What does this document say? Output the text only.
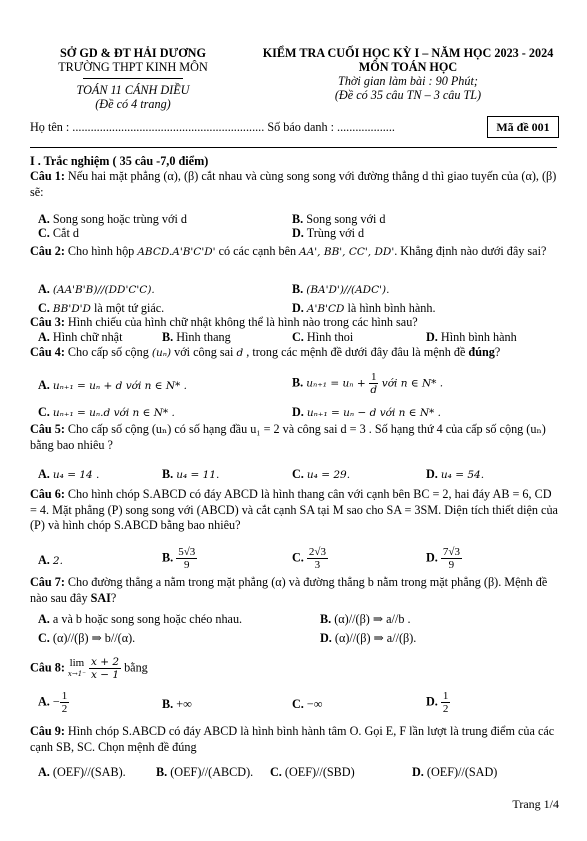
SỞ GD & ĐT HẢI DƯƠNG
TRƯỜNG THPT KINH MÔN
TOÁN 11 CÁNH DIỀU
(Đề có 4 trang)
KIỂM TRA CUỐI HỌC KỲ I – NĂM HỌC 2023 - 2024
MÔN TOÁN HỌC
Thời gian làm bài : 90 Phút;
(Đề có 35 câu TN – 3 câu TL)
Họ tên : ............................................................... Số báo danh : ...................	Mã đề 001
I . Trắc nghiệm ( 35 câu -7,0 điểm)
Câu 1: Nếu hai mặt phẳng (α), (β) cắt nhau và cùng song song với đường thẳng d thì giao tuyến của (α), (β) sẽ:
A. Song song hoặc trùng với d	B. Song song với d
C. Cắt d	D. Trùng với d
Câu 2: Cho hình hộp ABCD.A'B'C'D' có các cạnh bên AA', BB', CC', DD'. Khẳng định nào dưới đây sai?
A. (AA'B'B)//(DD'C'C).	B. (BA'D')//(ADC').
C. BB'D'D là một tứ giác.	D. A'B'CD là hình bình hành.
Câu 3: Hình chiếu của hình chữ nhật không thể là hình nào trong các hình sau?
A. Hình chữ nhật	B. Hình thang	C. Hình thoi	D. Hình bình hành
Câu 4: Cho cấp số cộng (uₙ) với công sai d , trong các mệnh đề dưới đây đâu là mệnh đề đúng?
A. uₙ₊₁ = uₙ + d với n ∈ N* .	B. $u_{n+1} = u_n + \frac{1}{d}$ với n ∈ N* .
C. uₙ₊₁ = uₙ.d với n ∈ N* .	D. uₙ₊₁ = uₙ − d với n ∈ N* .
Câu 5: Cho cấp số cộng (uₙ) có số hạng đầu u₁ = 2 và công sai d = 3 . Số hạng thứ 4 của cấp số cộng (uₙ) bằng bao nhiêu ?
A. u₄ = 14 .	B. u₄ = 11.	C. u₄ = 29.	D. u₄ = 54.
Câu 6: Cho hình chóp S.ABCD có đáy ABCD là hình thang cân với cạnh bên BC = 2, hai đáy AB = 6, CD = 4. Mặt phẳng (P) song song với (ABCD) và cắt cạnh SA tại M sao cho SA = 3SM. Diện tích thiết diện của (P) và hình chóp S.ABCD bằng bao nhiêu?
A. 2.	B. $\frac{5√3}{9}$	C. $\frac{2√3}{3}$	D. $\frac{7√3}{9}$
Câu 7: Cho đường thẳng a nằm trong mặt phẳng (α) và đường thẳng b nằm trong mặt phẳng (β). Mệnh đề nào sau đây SAI?
A. a và b hoặc song song hoặc chéo nhau.	B. (α)//(β) ⇒ a//b .
C. (α)//(β) ⇒ b//(α).	D. (α)//(β) ⇒ a//(β).
Câu 8: lim
x→1⁻
$\frac{x + 2}{x - 1}$ bằng
A. − $\frac{1}{2}$	B. +∞	C. −∞	D. $\frac{1}{2}$
Câu 9: Hình chóp S.ABCD có đáy ABCD là hình bình hành tâm O. Gọi E, F lần lượt là trung điểm của các cạnh SB, SC. Chọn mệnh đề đúng
A. (OEF)//(SAB). B. (OEF)//(ABCD). C. (OEF)//(SBD)	D. (OEF)//(SAD)
Trang 1/4
